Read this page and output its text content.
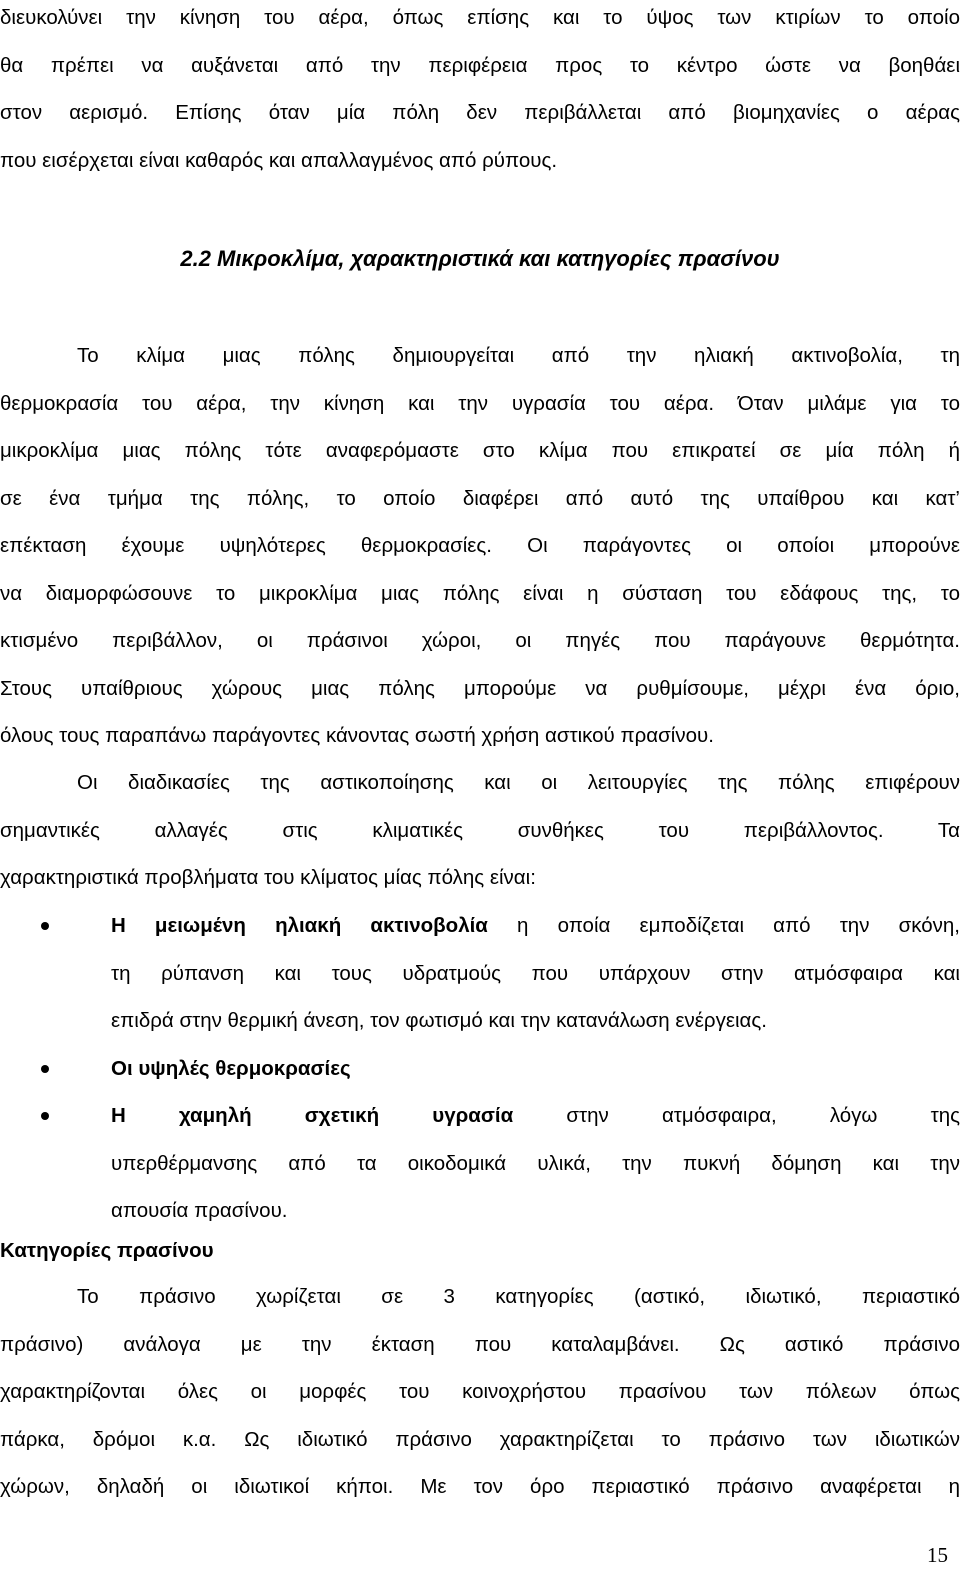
διευκολύνει την κίνηση του αέρα, όπως επίσης και το ύψος των κτιρίων το οποίο

θα πρέπει να αυξάνεται από την περιφέρεια προς το κέντρο ώστε να βοηθάει

στον αερισμό. Επίσης όταν μία πόλη δεν περιβάλλεται από βιομηχανίες ο αέρας

που εισέρχεται είναι καθαρός και απαλλαγμένος από ρύπους.

2.2 Μικροκλίμα, χαρακτηριστικά και κατηγορίες πρασίνου

Το κλίμα μιας πόλης δημιουργείται από την ηλιακή ακτινοβολία, τη

θερμοκρασία του αέρα, την κίνηση και την υγρασία του αέρα. Όταν μιλάμε για το

μικροκλίμα μιας πόλης τότε αναφερόμαστε στο κλίμα που επικρατεί σε μία πόλη ή

σε ένα τμήμα της πόλης, το οποίο διαφέρει από αυτό της υπαίθρου και κατ’

επέκταση έχουμε υψηλότερες θερμοκρασίες. Οι παράγοντες οι οποίοι μπορούνε

να διαμορφώσουνε το μικροκλίμα μιας πόλης είναι η σύσταση του εδάφους της, το

κτισμένο περιβάλλον, οι πράσινοι χώροι, οι πηγές που παράγουνε θερμότητα.

Στους υπαίθριους χώρους μιας πόλης μπορούμε να ρυθμίσουμε, μέχρι ένα όριο,

όλους τους παραπάνω παράγοντες κάνοντας σωστή χρήση αστικού πρασίνου.

Οι διαδικασίες της αστικοποίησης και οι λειτουργίες της πόλης επιφέρουν

σημαντικές αλλαγές στις κλιματικές συνθήκες του περιβάλλοντος. Τα

χαρακτηριστικά προβλήματα του κλίματος μίας πόλης είναι:

Η μειωμένη ηλιακή ακτινοβολία η οποία εμποδίζεται από την σκόνη,
τη ρύπανση και τους υδρατμούς που υπάρχουν στην ατμόσφαιρα και
επιδρά στην θερμική άνεση, τον φωτισμό και την κατανάλωση ενέργειας.
Οι υψηλές θερμοκρασίες
Η χαμηλή σχετική υγρασία στην ατμόσφαιρα, λόγω της
υπερθέρμανσης από τα οικοδομικά υλικά, την πυκνή δόμηση και την
απουσία πρασίνου.
Κατηγορίες πρασίνου

Το πράσινο χωρίζεται σε 3 κατηγορίες (αστικό, ιδιωτικό, περιαστικό

πράσινο) ανάλογα με την έκταση που καταλαμβάνει. Ως αστικό πράσινο

χαρακτηρίζονται όλες οι μορφές του κοινοχρήστου πρασίνου των πόλεων όπως

πάρκα, δρόμοι κ.α. Ως ιδιωτικό πράσινο χαρακτηρίζεται το πράσινο των ιδιωτικών

χώρων, δηλαδή οι ιδιωτικοί κήποι. Με τον όρο περιαστικό πράσινο αναφέρεται η

15
